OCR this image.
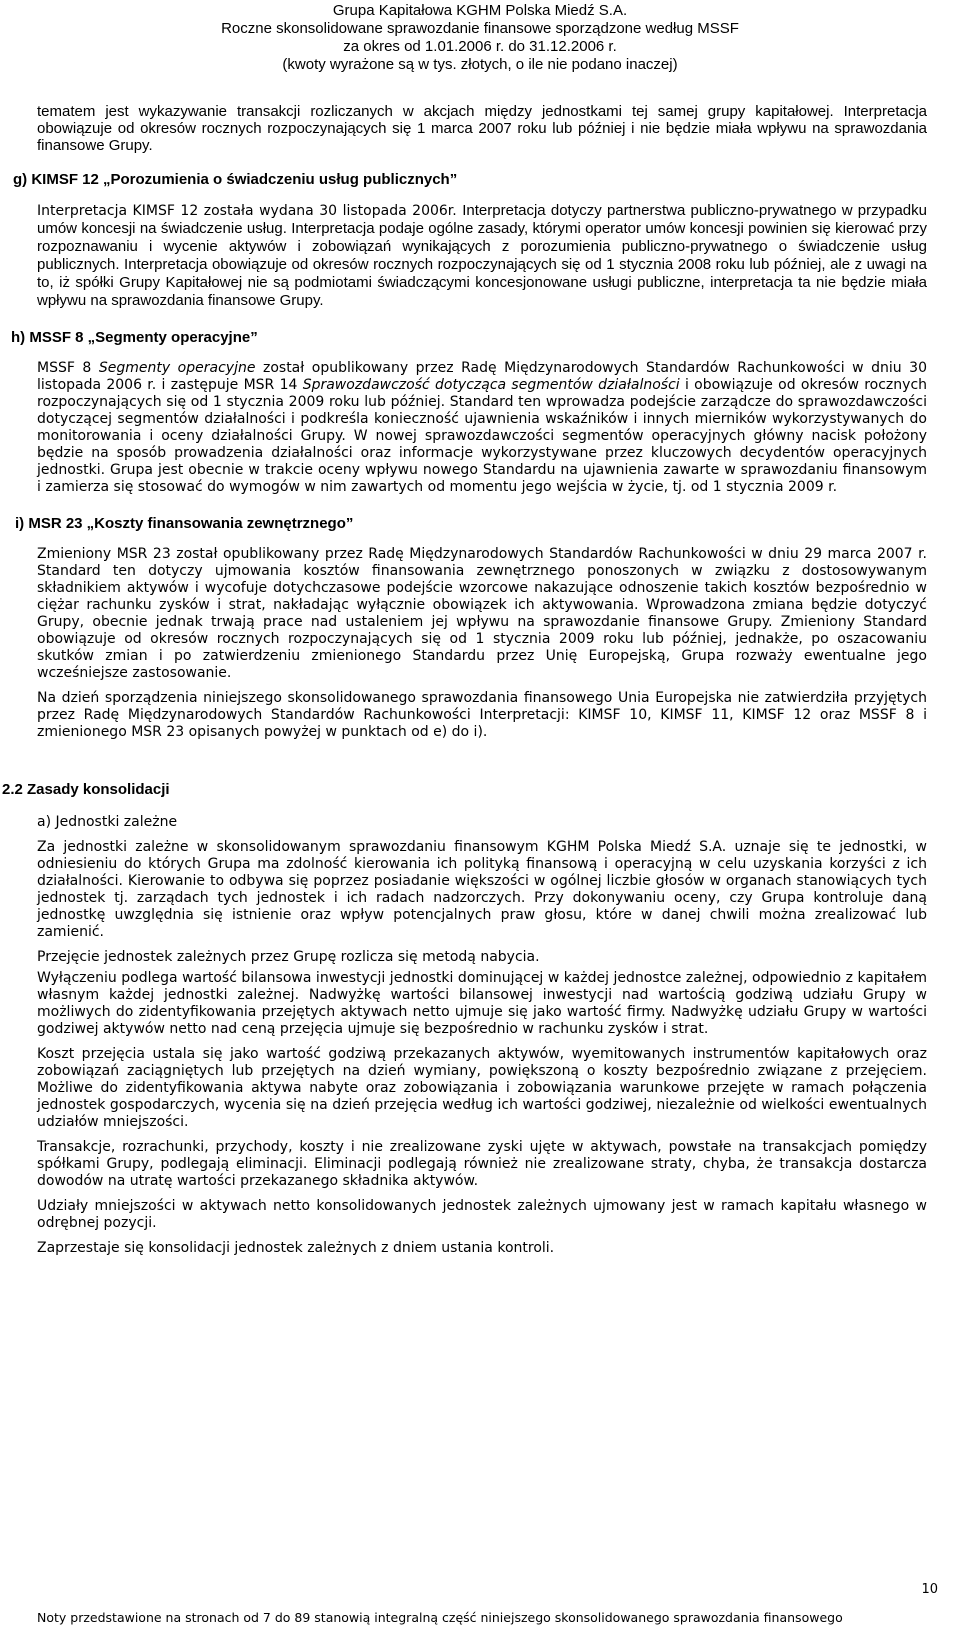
Grupa Kapitałowa KGHM Polska Miedź S.A.
Roczne skonsolidowane sprawozdanie finansowe sporządzone według MSSF
za okres od 1.01.2006 r. do 31.12.2006 r.
(kwoty wyrażone są w tys. złotych, o ile nie podano inaczej)

tematem jest wykazywanie transakcji rozliczanych w akcjach między jednostkami tej samej grupy kapitałowej. Interpretacja obowiązuje od okresów rocznych rozpoczynających się 1 marca 2007 roku lub później i nie będzie miała wpływu na sprawozdania finansowe Grupy.

g) KIMSF 12 „Porozumienia o świadczeniu usług publicznych”

Interpretacja KIMSF 12 została wydana 30 listopada 2006r. Interpretacja dotyczy partnerstwa publiczno-prywatnego w przypadku umów koncesji na świadczenie usług. Interpretacja podaje ogólne zasady, którymi operator umów koncesji powinien się kierować przy rozpoznawaniu i wycenie aktywów i zobowiązań wynikających z porozumienia publiczno-prywatnego o świadczenie usług publicznych. Interpretacja obowiązuje od okresów rocznych rozpoczynających się od 1 stycznia 2008 roku lub później, ale z uwagi na to, iż spółki Grupy Kapitałowej nie są podmiotami świadczącymi koncesjonowane usługi publiczne, interpretacja ta nie będzie miała wpływu na sprawozdania finansowe Grupy.

h) MSSF 8 „Segmenty operacyjne”

MSSF 8 Segmenty operacyjne został opublikowany przez Radę Międzynarodowych Standardów Rachunkowości w dniu 30 listopada 2006 r. i zastępuje MSR 14 Sprawozdawczość dotycząca segmentów działalności i obowiązuje od okresów rocznych rozpoczynających się od 1 stycznia 2009 roku lub później. Standard ten wprowadza podejście zarządcze do sprawozdawczości dotyczącej segmentów działalności i podkreśla konieczność ujawnienia wskaźników i innych mierników wykorzystywanych do monitorowania i oceny działalności Grupy. W nowej sprawozdawczości segmentów operacyjnych główny nacisk położony będzie na sposób prowadzenia działalności oraz informacje wykorzystywane przez kluczowych decydentów operacyjnych jednostki. Grupa jest obecnie w trakcie oceny wpływu nowego Standardu na ujawnienia zawarte w sprawozdaniu finansowym i zamierza się stosować do wymogów w nim zawartych od momentu jego wejścia w życie, tj. od 1 stycznia 2009 r.

i) MSR 23 „Koszty finansowania zewnętrznego”

Zmieniony MSR 23 został opublikowany przez Radę Międzynarodowych Standardów Rachunkowości w dniu 29 marca 2007 r. Standard ten dotyczy ujmowania kosztów finansowania zewnętrznego ponoszonych w związku z dostosowywanym składnikiem aktywów i wycofuje dotychczasowe podejście wzorcowe nakazujące odnoszenie takich kosztów bezpośrednio w ciężar rachunku zysków i strat, nakładając wyłącznie obowiązek ich aktywowania. Wprowadzona zmiana będzie dotyczyć Grupy, obecnie jednak trwają prace nad ustaleniem jej wpływu na sprawozdanie finansowe Grupy. Zmieniony Standard obowiązuje od okresów rocznych rozpoczynających się od 1 stycznia 2009 roku lub później, jednakże, po oszacowaniu skutków zmian i po zatwierdzeniu zmienionego Standardu przez Unię Europejską, Grupa rozważy ewentualne jego wcześniejsze zastosowanie.

Na dzień sporządzenia niniejszego skonsolidowanego sprawozdania finansowego Unia Europejska nie zatwierdziła przyjętych przez Radę Międzynarodowych Standardów Rachunkowości Interpretacji: KIMSF 10, KIMSF 11, KIMSF 12 oraz MSSF 8 i zmienionego MSR 23 opisanych powyżej w punktach od e) do i).

2.2 Zasady konsolidacji

a) Jednostki zależne

Za jednostki zależne w skonsolidowanym sprawozdaniu finansowym KGHM Polska Miedź S.A. uznaje się te jednostki, w odniesieniu do których Grupa ma zdolność kierowania ich polityką finansową i operacyjną w celu uzyskania korzyści z ich działalności. Kierowanie to odbywa się poprzez posiadanie większości w ogólnej liczbie głosów w organach stanowiących tych jednostek tj. zarządach tych jednostek i ich radach nadzorczych. Przy dokonywaniu oceny, czy Grupa kontroluje daną jednostkę uwzględnia się istnienie oraz wpływ potencjalnych praw głosu, które w danej chwili można zrealizować lub zamienić.

Przejęcie jednostek zależnych przez Grupę rozlicza się metodą nabycia.

Wyłączeniu podlega wartość bilansowa inwestycji jednostki dominującej w każdej jednostce zależnej, odpowiednio z kapitałem własnym każdej jednostki zależnej. Nadwyżkę wartości bilansowej inwestycji nad wartością godziwą udziału Grupy w możliwych do zidentyfikowania przejętych aktywach netto ujmuje się jako wartość firmy. Nadwyżkę udziału Grupy w wartości godziwej aktywów netto nad ceną przejęcia ujmuje się bezpośrednio w rachunku zysków i strat.

Koszt przejęcia ustala się jako wartość godziwą przekazanych aktywów, wyemitowanych instrumentów kapitałowych oraz zobowiązań zaciągniętych lub przejętych na dzień wymiany, powiększoną o koszty bezpośrednio związane z przejęciem. Możliwe do zidentyfikowania aktywa nabyte oraz zobowiązania i zobowiązania warunkowe przejęte w ramach połączenia jednostek gospodarczych, wycenia się na dzień przejęcia według ich wartości godziwej, niezależnie od wielkości ewentualnych udziałów mniejszości.

Transakcje, rozrachunki, przychody, koszty i nie zrealizowane zyski ujęte w aktywach, powstałe na transakcjach pomiędzy spółkami Grupy, podlegają eliminacji. Eliminacji podlegają również nie zrealizowane straty, chyba, że transakcja dostarcza dowodów na utratę wartości przekazanego składnika aktywów.

Udziały mniejszości w aktywach netto konsolidowanych jednostek zależnych ujmowany jest w ramach kapitału własnego w odrębnej pozycji.

Zaprzestaje się konsolidacji jednostek zależnych z dniem ustania kontroli.

10
Noty przedstawione na stronach od 7 do 89 stanowią integralną część niniejszego skonsolidowanego sprawozdania finansowego
